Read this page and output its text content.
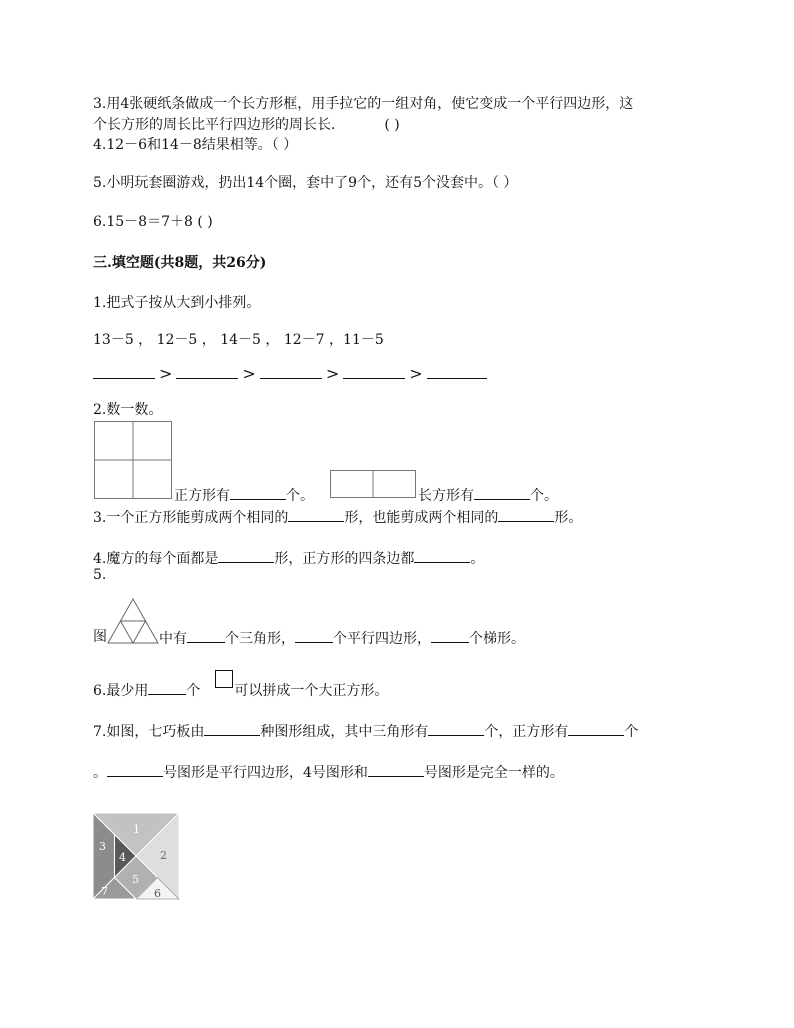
3.用4张硬纸条做成一个长方形框，用手拉它的一组对角，使它变成一个平行四边形，这
个长方形的周长比平行四边形的周长长.	( )
4.12－6和14－8结果相等。（ ）
5.小明玩套圈游戏，扔出14个圈，套中了9个，还有5个没套中。（ ）
6.15－8＝7＋8 ( )
三.填空题(共8题，共26分)
1.把式子按从大到小排列。
13－5 ， 12－5 ， 14－5 ， 12－7 ，11－5
>	>	>	>
2.数一数。
正方形有	个。	长方形有	个。
3.一个正方形能剪成两个相同的	形，也能剪成两个相同的	形。
4.魔方的每个面都是	形，正方形的四条边都	。
5.
图	中有	个三角形，	个平行四边形，	个梯形。
6.最少用	个 可以拼成一个大正方形。
7.如图，七巧板由	种图形组成，其中三角形有	个，正方形有	个
。	号图形是平行四边形，4号图形和	号图形是完全一样的。
1
2
3
4
5
6
7
